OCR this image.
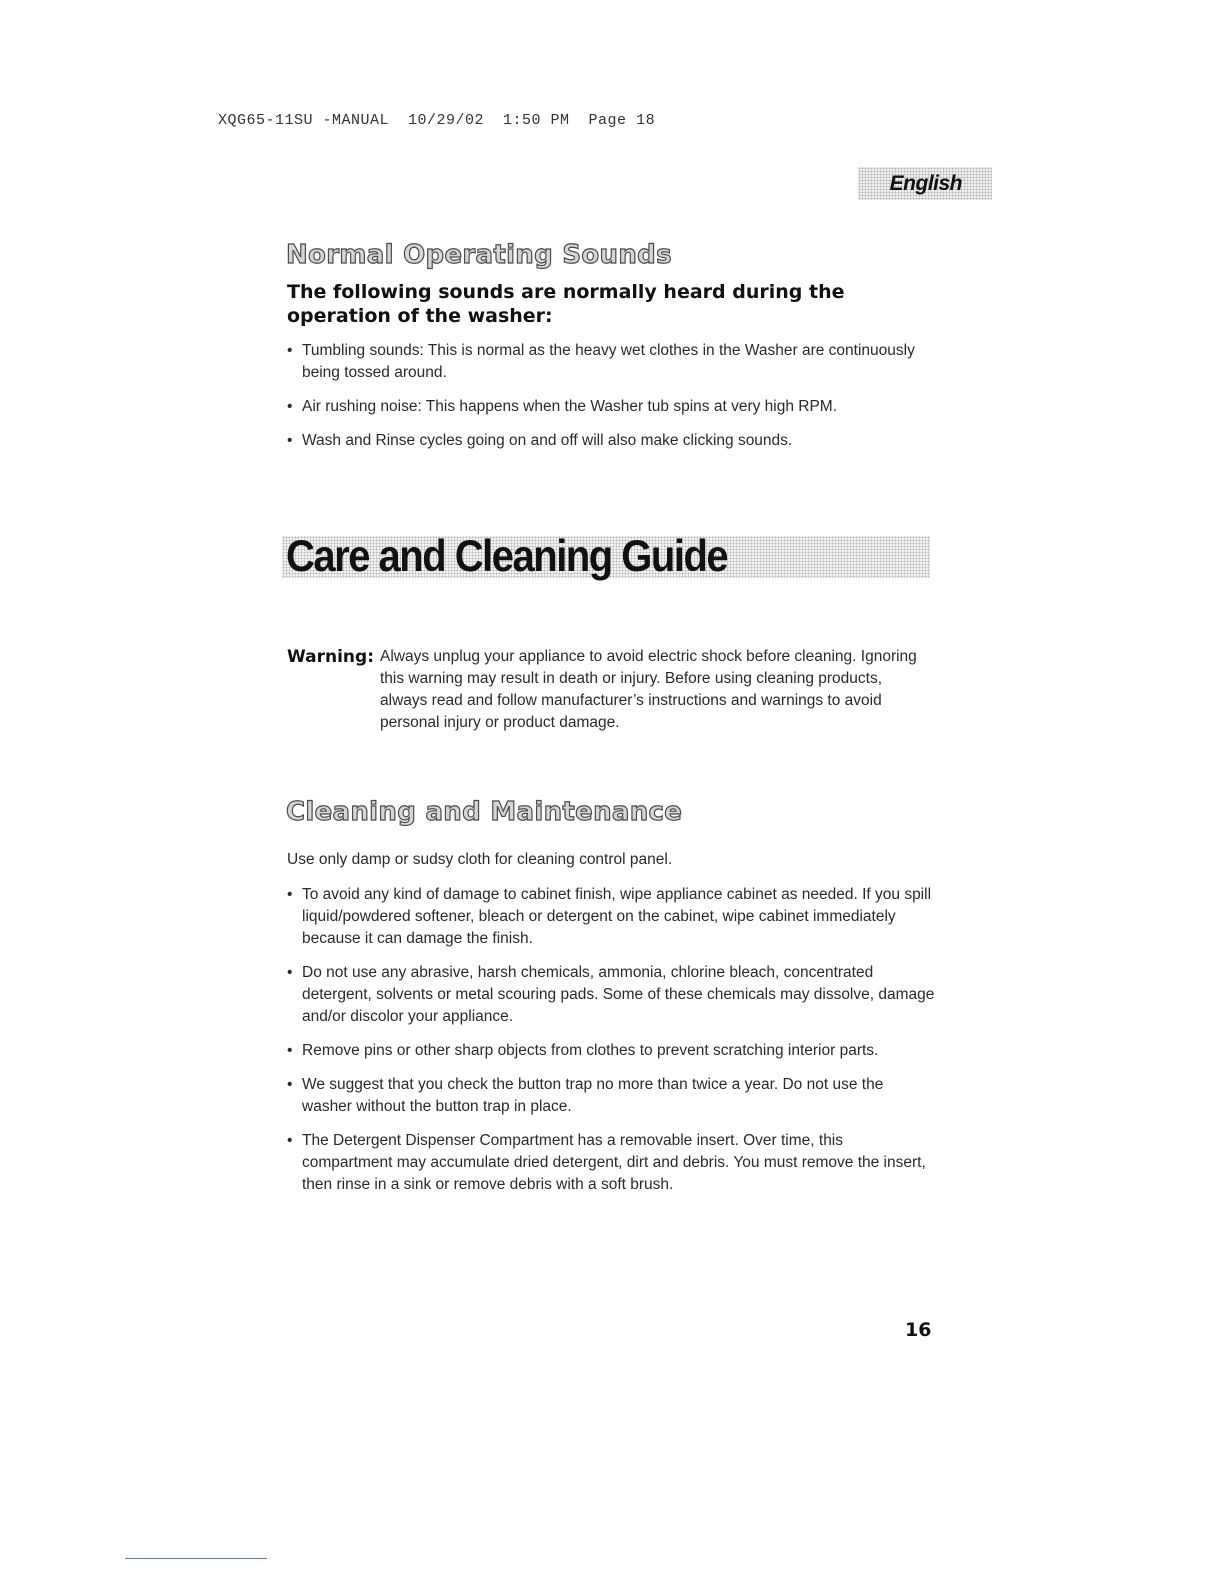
XQG65-11SU -MANUAL  10/29/02  1:50 PM  Page 18
English
Normal Operating Sounds
The following sounds are normally heard during the operation of the washer:
• Tumbling sounds: This is normal as the heavy wet clothes in the Washer are continuously being tossed around.
• Air rushing noise: This happens when the Washer tub spins at very high RPM.
• Wash and Rinse cycles going on and off will also make clicking sounds.
Care and Cleaning Guide
Warning: Always unplug your appliance to avoid electric shock before cleaning. Ignoring this warning may result in death or injury. Before using cleaning products, always read and follow manufacturer’s instructions and warnings to avoid personal injury or product damage.
Cleaning and Maintenance

Use only damp or sudsy cloth for cleaning control panel.

• To avoid any kind of damage to cabinet finish, wipe appliance cabinet as needed. If you spill liquid/powdered softener, bleach or detergent on the cabinet, wipe cabinet immediately because it can damage the finish.
• Do not use any abrasive, harsh chemicals, ammonia, chlorine bleach, concentrated detergent, solvents or metal scouring pads. Some of these chemicals may dissolve, damage and/or discolor your appliance.
• Remove pins or other sharp objects from clothes to prevent scratching interior parts.
• We suggest that you check the button trap no more than twice a year. Do not use the washer without the button trap in place.
• The Detergent Dispenser Compartment has a removable insert. Over time, this compartment may accumulate dried detergent, dirt and debris. You must remove the insert, then rinse in a sink or remove debris with a soft brush.
16
